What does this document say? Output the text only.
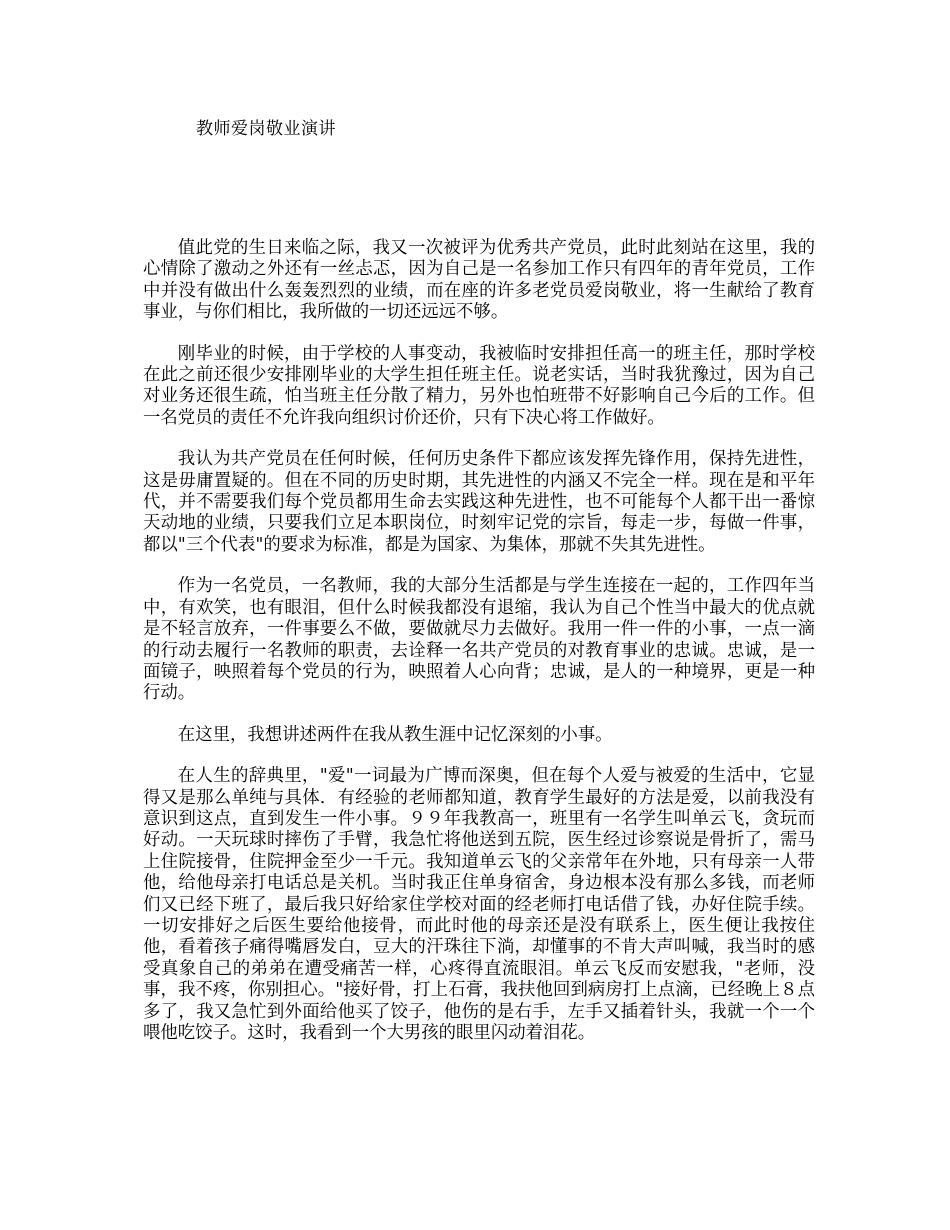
教师爱岗敬业演讲

值此党的生日来临之际，我又一次被评为优秀共产党员，此时此刻站在这里，我的心情除了激动之外还有一丝忐忑，因为自己是一名参加工作只有四年的青年党员，工作中并没有做出什么轰轰烈烈的业绩，而在座的许多老党员爱岗敬业，将一生献给了教育事业，与你们相比，我所做的一切还远远不够。

刚毕业的时候，由于学校的人事变动，我被临时安排担任高一的班主任，那时学校在此之前还很少安排刚毕业的大学生担任班主任。说老实话，当时我犹豫过，因为自己对业务还很生疏，怕当班主任分散了精力，另外也怕班带不好影响自己今后的工作。但一名党员的责任不允许我向组织讨价还价，只有下决心将工作做好。

我认为共产党员在任何时候，任何历史条件下都应该发挥先锋作用，保持先进性，这是毋庸置疑的。但在不同的历史时期，其先进性的内涵又不完全一样。现在是和平年代，并不需要我们每个党员都用生命去实践这种先进性，也不可能每个人都干出一番惊天动地的业绩，只要我们立足本职岗位，时刻牢记党的宗旨，每走一步，每做一件事，都以"三个代表"的要求为标准，都是为国家、为集体，那就不失其先进性。

作为一名党员，一名教师，我的大部分生活都是与学生连接在一起的，工作四年当中，有欢笑，也有眼泪，但什么时候我都没有退缩，我认为自己个性当中最大的优点就是不轻言放弃，一件事要么不做，要做就尽力去做好。我用一件一件的小事，一点一滴的行动去履行一名教师的职责，去诠释一名共产党员的对教育事业的忠诚。忠诚，是一面镜子，映照着每个党员的行为，映照着人心向背；忠诚，是人的一种境界，更是一种行动。

在这里，我想讲述两件在我从教生涯中记忆深刻的小事。

在人生的辞典里，"爱"一词最为广博而深奥，但在每个人爱与被爱的生活中，它显得又是那么单纯与具体．有经验的老师都知道，教育学生最好的方法是爱，以前我没有意识到这点，直到发生一件小事。９９年我教高一，班里有一名学生叫单云飞，贪玩而好动。一天玩球时摔伤了手臂，我急忙将他送到五院，医生经过诊察说是骨折了，需马上住院接骨，住院押金至少一千元。我知道单云飞的父亲常年在外地，只有母亲一人带他，给他母亲打电话总是关机。当时我正住单身宿舍，身边根本没有那么多钱，而老师们又已经下班了，最后我只好给家住学校对面的经老师打电话借了钱，办好住院手续。一切安排好之后医生要给他接骨，而此时他的母亲还是没有联系上，医生便让我按住他，看着孩子痛得嘴唇发白，豆大的汗珠往下淌，却懂事的不肯大声叫喊，我当时的感受真象自己的弟弟在遭受痛苦一样，心疼得直流眼泪。单云飞反而安慰我，"老师，没事，我不疼，你别担心。"接好骨，打上石膏，我扶他回到病房打上点滴，已经晚上８点多了，我又急忙到外面给他买了饺子，他伤的是右手，左手又插着针头，我就一个一个喂他吃饺子。这时，我看到一个大男孩的眼里闪动着泪花。
